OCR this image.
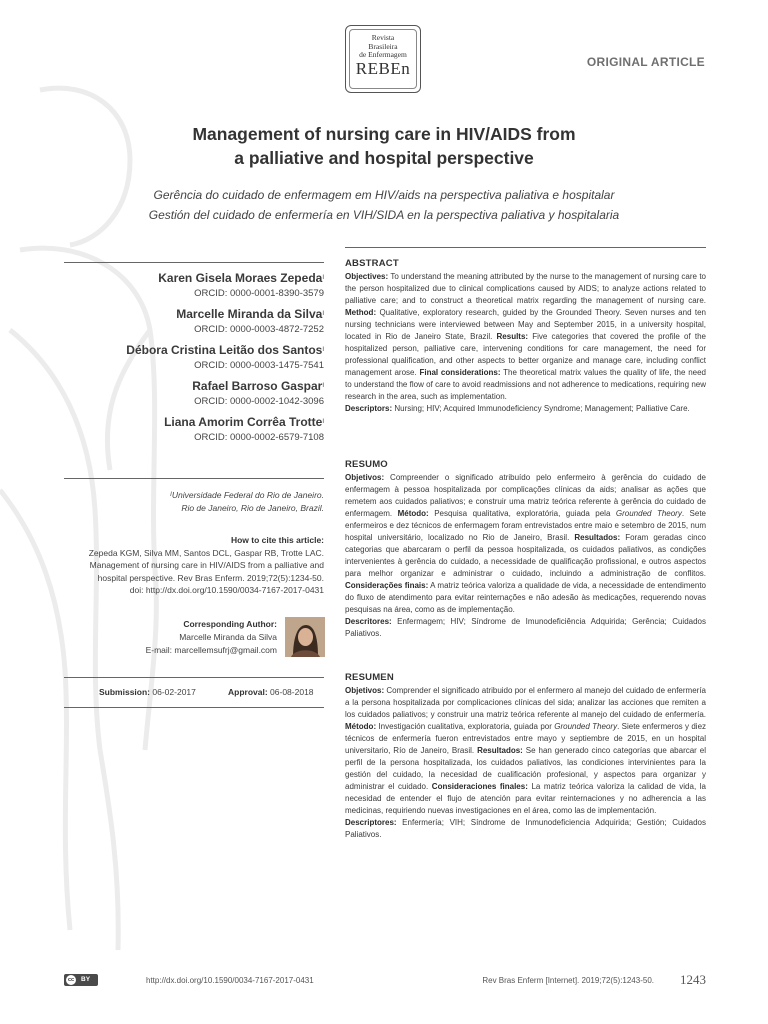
Revista
Brasileira
de Enfermagem
REBEn	ORIGINAL ARTICLE
Management of nursing care in HIV/AIDS from
a palliative and hospital perspective
Gerência do cuidado de enfermagem em HIV/aids na perspectiva paliativa e hospitalar
Gestión del cuidado de enfermería en VIH/SIDA en la perspectiva paliativa y hospitalaria
Karen Gisela Moraes Zepeda$^I$
ORCID: 0000-0001-8390-3579
Marcelle Miranda da Silva$^I$
ORCID: 0000-0003-4872-7252
Débora Cristina Leitão dos Santos$^I$
ORCID: 0000-0003-1475-7541
Rafael Barroso Gaspar$^I$
ORCID: 0000-0002-1042-3096
Liana Amorim Corrêa Trotte$^I$
ORCID: 0000-0002-6579-7108
$^I$Universidade Federal do Rio de Janeiro.
Rio de Janeiro, Rio de Janeiro, Brazil.
How to cite this article:
Zepeda KGM, Silva MM, Santos DCL, Gaspar RB, Trotte LAC.
Management of nursing care in HIV/AIDS from a palliative and
hospital perspective. Rev Bras Enferm. 2019;72(5):1234-50.
doi: http://dx.doi.org/10.1590/0034-7167-2017-0431
Corresponding Author:
Marcelle Miranda da Silva
E-mail: marcellemsufrj@gmail.com
Submission: 06-02-2017	Approval: 06-08-2018
ABSTRACT

Objectives: To understand the meaning attributed by the nurse to the management of nursing care to the person hospitalized due to clinical complications caused by AIDS; to analyze actions related to palliative care; and to construct a theoretical matrix regarding the management of nursing care. Method: Qualitative, exploratory research, guided by the Grounded Theory. Seven nurses and ten nursing technicians were interviewed between May and September 2015, in a university hospital, located in Rio de Janeiro State, Brazil. Results: Five categories that covered the profile of the hospitalized person, palliative care, intervening conditions for care management, the need for professional qualification, and other aspects to better organize and manage care, including conflict management arose. Final considerations: The theoretical matrix values the quality of life, the need to understand the flow of care to avoid readmissions and not adherence to medications, requiring new research in the area, such as implementation.

Descriptors: Nursing; HIV; Acquired Immunodeficiency Syndrome; Management; Palliative Care.

RESUMO

Objetivos: Compreender o significado atribuído pelo enfermeiro à gerência do cuidado de enfermagem à pessoa hospitalizada por complicações clínicas da aids; analisar as ações que remetem aos cuidados paliativos; e construir uma matriz teórica referente à gerência do cuidado de enfermagem. Método: Pesquisa qualitativa, exploratória, guiada pela Grounded Theory. Sete enfermeiros e dez técnicos de enfermagem foram entrevistados entre maio e setembro de 2015, num hospital universitário, localizado no Rio de Janeiro, Brasil. Resultados: Foram geradas cinco categorias que abarcaram o perfil da pessoa hospitalizada, os cuidados paliativos, as condições intervenientes à gerência do cuidado, a necessidade de qualificação profissional, e outros aspectos para melhor organizar e administrar o cuidado, incluindo a administração de conflitos. Considerações finais: A matriz teórica valoriza a qualidade de vida, a necessidade de entendimento do fluxo de atendimento para evitar reinternações e não adesão às medicações, requerendo novas pesquisas na área, como as de implementação.

Descritores: Enfermagem; HIV; Síndrome de Imunodeficiência Adquirida; Gerência; Cuidados Paliativos.

RESUMEN

Objetivos: Comprender el significado atribuido por el enfermero al manejo del cuidado de enfermería a la persona hospitalizada por complicaciones clínicas del sida; analizar las acciones que remiten a los cuidados paliativos; y construir una matriz teórica referente al manejo del cuidado de enfermería. Método: Investigación cualitativa, exploratoria, guiada por Grounded Theory. Siete enfermeros y diez técnicos de enfermería fueron entrevistados entre mayo y septiembre de 2015, en un hospital universitario, Río de Janeiro, Brasil. Resultados: Se han generado cinco categorías que abarcar el perfil de la persona hospitalizada, los cuidados paliativos, las condiciones intervinientes para la gestión del cuidado, la necesidad de cualificación profesional, y aspectos para organizar y administrar el cuidado. Consideraciones finales: La matriz teórica valoriza la calidad de vida, la necesidad de entender el flujo de atención para evitar reinternaciones y no adherencia a las medicinas, requiriendo nuevas investigaciones en el área, como las de implementación.

Descriptores: Enfermería; VIH; Síndrome de Inmunodeficiencia Adquirida; Gestión; Cuidados Paliativos.

cc BY	http://dx.doi.org/10.1590/0034-7167-2017-0431	Rev Bras Enferm [Internet]. 2019;72(5):1243-50. 1243
